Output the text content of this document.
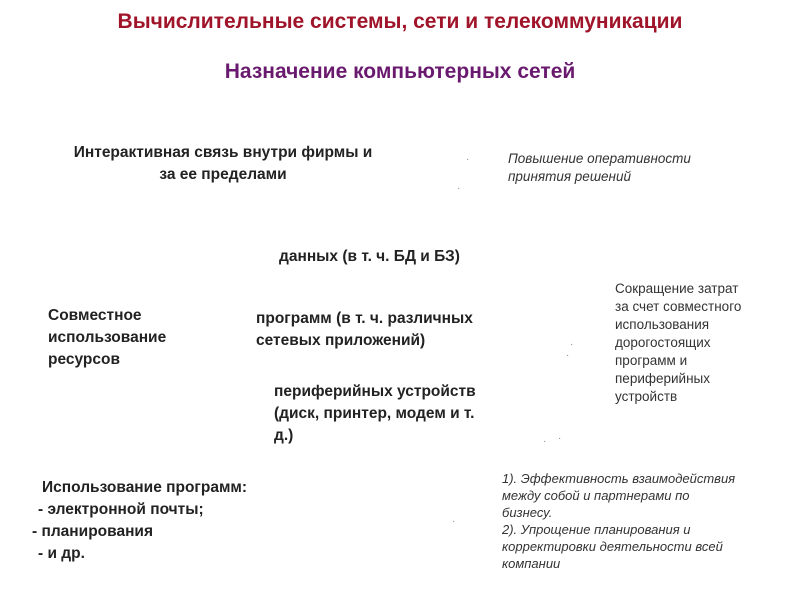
Вычислительные системы, сети и телекоммуникации
Назначение компьютерных сетей
Интерактивная связь внутри фирмы и
за ее пределами
Повышение оперативности
принятия решений
данных (в т. ч. БД и БЗ)
Совместное
использование
ресурсов
программ (в т. ч. различных
сетевых приложений)
периферийных устройств
(диск, принтер, модем и т.
д.)
Сокращение затрат
за счет совместного
использования
дорогостоящих
программ и
периферийных
устройств
Использование программ:
- электронной почты;
- планирования
- и др.
1). Эффективность взаимодействия
между собой и партнерами по
бизнесу.
2). Упрощение планирования и
корректировки деятельности всей
компании
·
·
·
·
· ·
·
